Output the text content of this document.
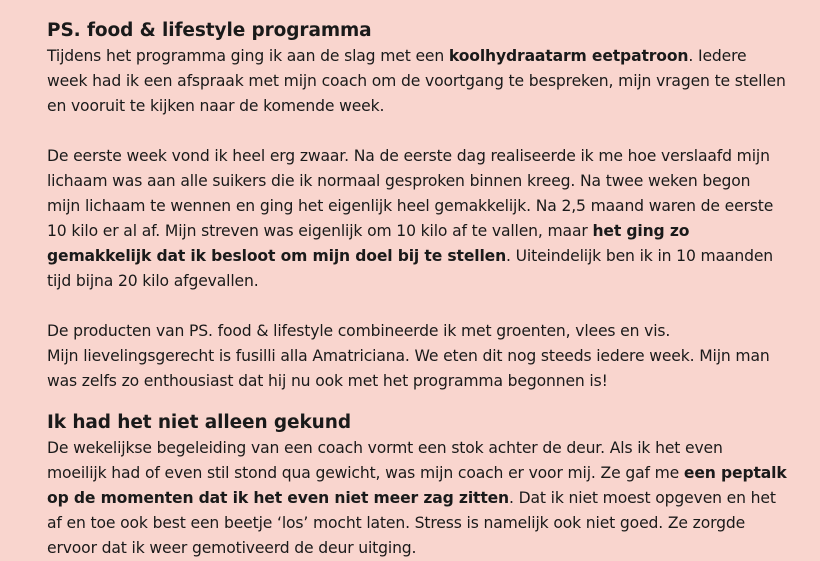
PS. food & lifestyle programma

Tijdens het programma ging ik aan de slag met een koolhydraatarm eetpatroon. Iedere week had ik een afspraak met mijn coach om de voortgang te bespreken, mijn vragen te stellen en vooruit te kijken naar de komende week.

De eerste week vond ik heel erg zwaar. Na de eerste dag realiseerde ik me hoe verslaafd mijn lichaam was aan alle suikers die ik normaal gesproken binnen kreeg. Na twee weken begon mijn lichaam te wennen en ging het eigenlijk heel gemakkelijk. Na 2,5 maand waren de eerste 10 kilo er al af. Mijn streven was eigenlijk om 10 kilo af te vallen, maar het ging zo gemakkelijk dat ik besloot om mijn doel bij te stellen. Uiteindelijk ben ik in 10 maanden tijd bijna 20 kilo afgevallen.

De producten van PS. food & lifestyle combineerde ik met groenten, vlees en vis.
Mijn lievelingsgerecht is fusilli alla Amatriciana. We eten dit nog steeds iedere week. Mijn man was zelfs zo enthousiast dat hij nu ook met het programma begonnen is!

Ik had het niet alleen gekund

De wekelijkse begeleiding van een coach vormt een stok achter de deur. Als ik het even moeilijk had of even stil stond qua gewicht, was mijn coach er voor mij. Ze gaf me een peptalk op de momenten dat ik het even niet meer zag zitten. Dat ik niet moest opgeven en het af en toe ook best een beetje ‘los’ mocht laten. Stress is namelijk ook niet goed. Ze zorgde ervoor dat ik weer gemotiveerd de deur uitging.
